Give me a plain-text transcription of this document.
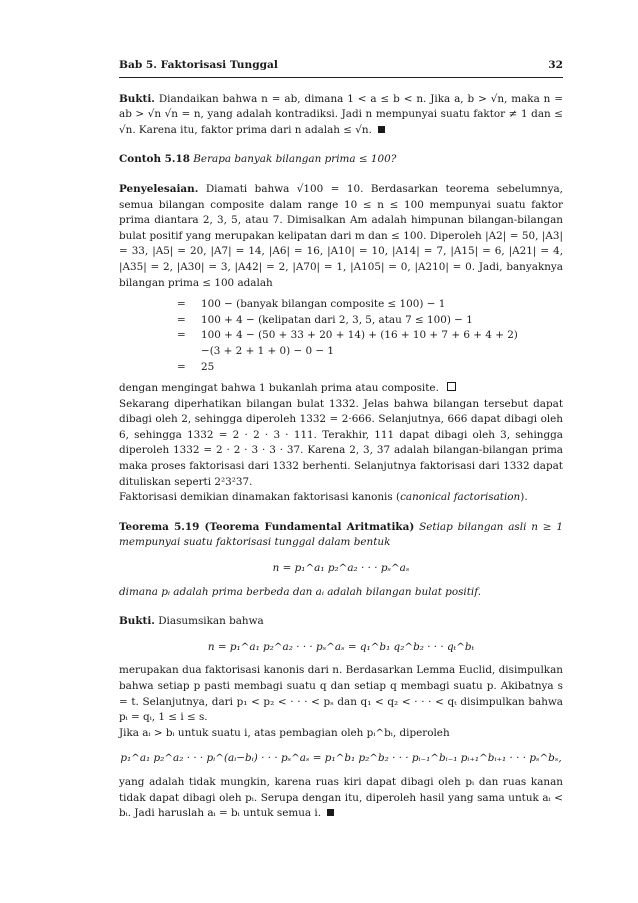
Bab 5. Faktorisasi Tunggal	32

Bukti. Diandaikan bahwa n = ab, dimana 1 < a ≤ b < n. Jika a, b > √n, maka n = ab > √n √n = n, yang adalah kontradiksi. Jadi n mempunyai suatu faktor ≠ 1 dan ≤ √n. Karena itu, faktor prima dari n adalah ≤ √n.

Contoh 5.18 Berapa banyak bilangan prima ≤ 100?

Penyelesaian. Diamati bahwa √100 = 10. Berdasarkan teorema sebelumnya, semua bilangan composite dalam range 10 ≤ n ≤ 100 mempunyai suatu faktor prima diantara 2, 3, 5, atau 7. Dimisalkan Am adalah himpunan bilangan-bilangan bulat positif yang merupakan kelipatan dari m dan ≤ 100. Diperoleh |A2| = 50, |A3| = 33, |A5| = 20, |A7| = 14, |A6| = 16, |A10| = 10, |A14| = 7, |A15| = 6, |A21| = 4, |A35| = 2, |A30| = 3, |A42| = 2, |A70| = 1, |A105| = 0, |A210| = 0. Jadi, banyaknya bilangan prima ≤ 100 adalah

=	100 − (banyak bilangan composite ≤ 100) − 1
=	100 + 4 − (kelipatan dari 2, 3, 5, atau 7 ≤ 100) − 1
=	100 + 4 − (50 + 33 + 20 + 14) + (16 + 10 + 7 + 6 + 4 + 2)
−(3 + 2 + 1 + 0) − 0 − 1
=	25

dengan mengingat bahwa 1 bukanlah prima atau composite.

Sekarang diperhatikan bilangan bulat 1332. Jelas bahwa bilangan tersebut dapat dibagi oleh 2, sehingga diperoleh 1332 = 2·666. Selanjutnya, 666 dapat dibagi oleh 6, sehingga 1332 = 2 · 2 · 3 · 111. Terakhir, 111 dapat dibagi oleh 3, sehingga diperoleh 1332 = 2 · 2 · 3 · 3 · 37. Karena 2, 3, 37 adalah bilangan-bilangan prima maka proses faktorisasi dari 1332 berhenti. Selanjutnya faktorisasi dari 1332 dapat dituliskan seperti 2²3²37.

Faktorisasi demikian dinamakan faktorisasi kanonis (canonical factorisation).

Teorema 5.19 (Teorema Fundamental Aritmatika) Setiap bilangan asli n ≥ 1 mempunyai suatu faktorisasi tunggal dalam bentuk

n = p₁^a₁ p₂^a₂ · · · pₛ^aₛ

dimana pᵢ adalah prima berbeda dan aᵢ adalah bilangan bulat positif.

Bukti. Diasumsikan bahwa

n = p₁^a₁ p₂^a₂ · · · pₛ^aₛ = q₁^b₁ q₂^b₂ · · · qₜ^bₜ

merupakan dua faktorisasi kanonis dari n. Berdasarkan Lemma Euclid, disimpulkan bahwa setiap p pasti membagi suatu q dan setiap q membagi suatu p. Akibatnya s = t. Selanjutnya, dari p₁ < p₂ < · · · < pₛ dan q₁ < q₂ < · · · < qₜ disimpulkan bahwa pᵢ = qᵢ, 1 ≤ i ≤ s.

Jika aᵢ > bᵢ untuk suatu i, atas pembagian oleh pᵢ^bᵢ, diperoleh

p₁^a₁ p₂^a₂ · · · pᵢ^(aᵢ−bᵢ) · · · pₛ^aₛ = p₁^b₁ p₂^b₂ · · · pᵢ₋₁^bᵢ₋₁ pᵢ₊₁^bᵢ₊₁ · · · pₛ^bₛ,

yang adalah tidak mungkin, karena ruas kiri dapat dibagi oleh pᵢ dan ruas kanan tidak dapat dibagi oleh pᵢ. Serupa dengan itu, diperoleh hasil yang sama untuk aᵢ < bᵢ. Jadi haruslah aᵢ = bᵢ untuk semua i.
